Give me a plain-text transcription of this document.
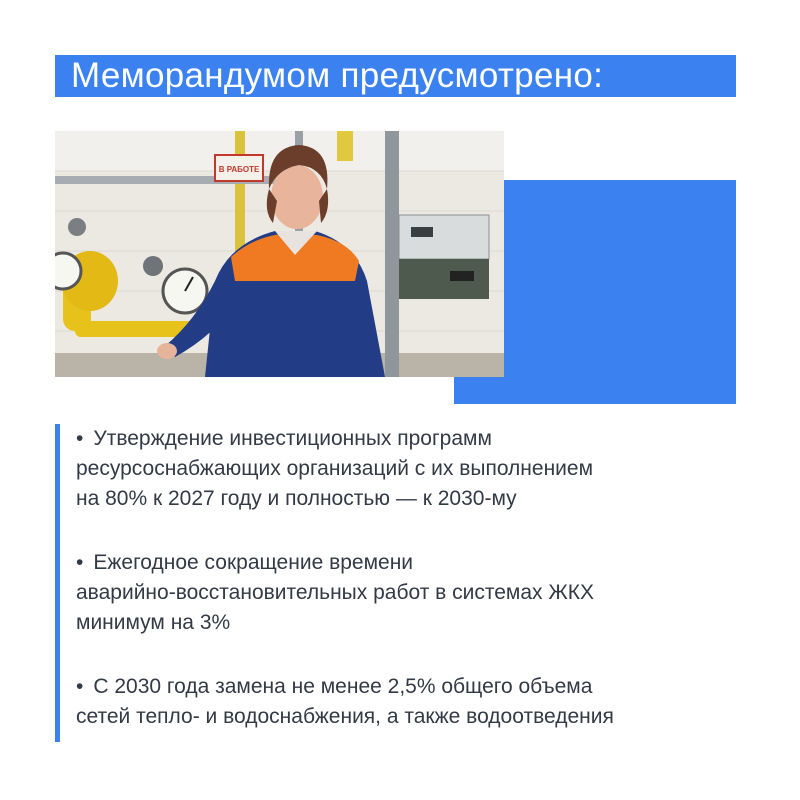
Меморандумом предусмотрено:
В РАБОТЕ
• Утверждение инвестиционных программ
ресурсоснабжающих организаций с их выполнением
на 80% к 2027 году и полностью — к 2030-му
• Ежегодное сокращение времени
аварийно-восстановительных работ в системах ЖКХ
минимум на 3%
• С 2030 года замена не менее 2,5% общего объема
сетей тепло- и водоснабжения, а также водоотведения
